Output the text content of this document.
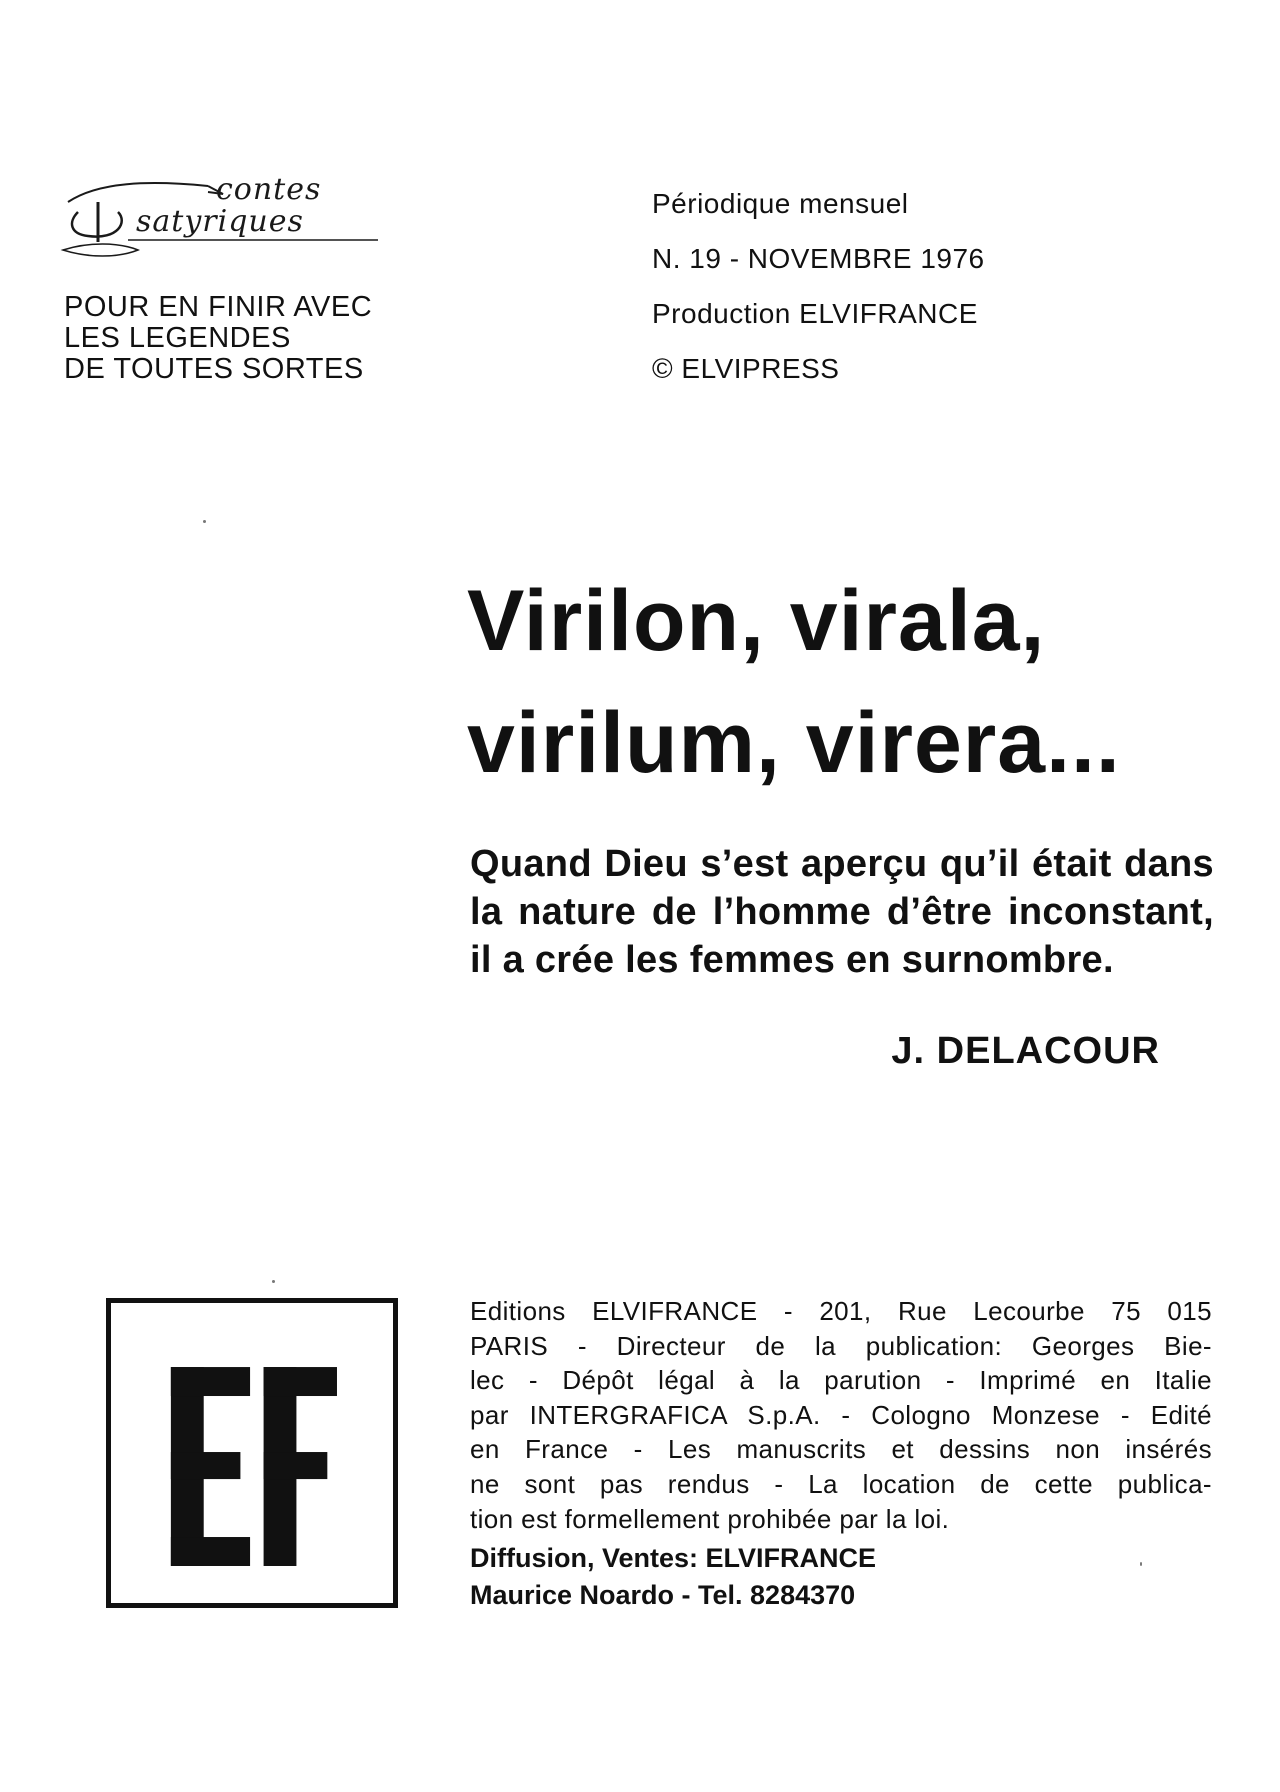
contes
satyriques
POUR EN FINIR AVEC
LES LEGENDES
DE TOUTES SORTES
Périodique mensuel
N. 19 - NOVEMBRE 1976
Production ELVIFRANCE
© ELVIPRESS
Virilon, virala,
virilum, virera...
Quand Dieu s’est aperçu qu’il était dans la nature de l’homme d’être inconstant, il a crée les femmes en surnombre.
J. DELACOUR
Editions ELVIFRANCE - 201, Rue Lecourbe 75 015
PARIS - Directeur de la publication: Georges Bie-
lec - Dépôt légal à la parution - Imprimé en Italie
par INTERGRAFICA S.p.A. - Cologno Monzese - Edité
en France - Les manuscrits et dessins non insérés
ne sont pas rendus - La location de cette publica-
tion est formellement prohibée par la loi.
Diffusion, Ventes: ELVIFRANCE
Maurice Noardo - Tel. 8284370
